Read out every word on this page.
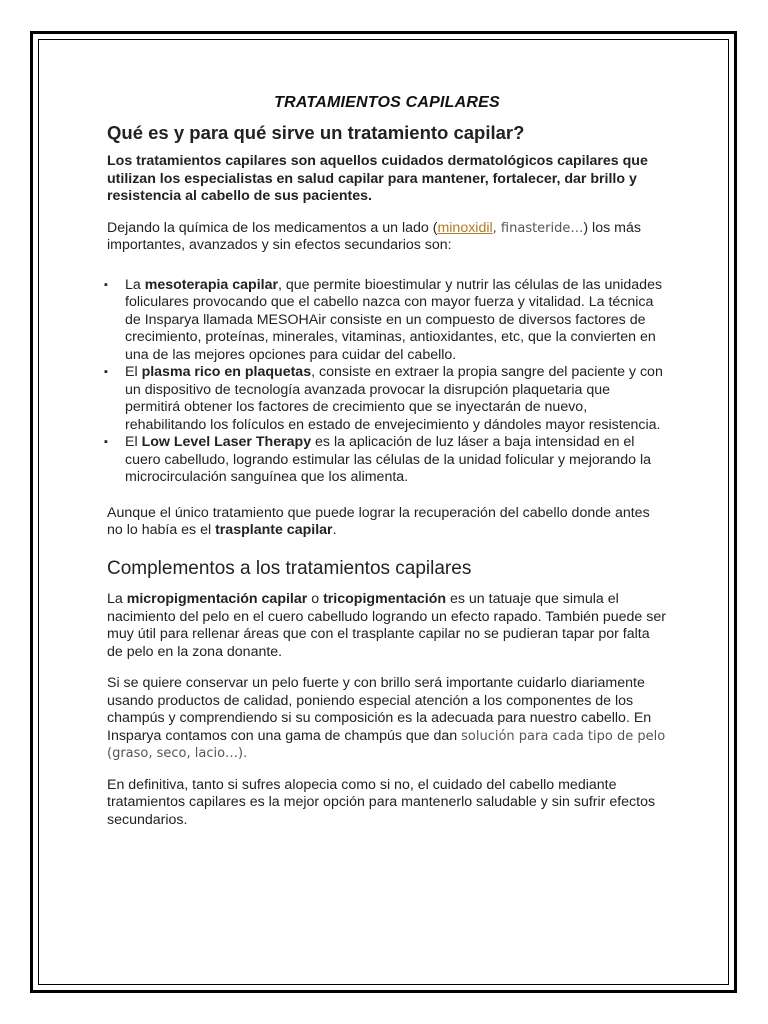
TRATAMIENTOS CAPILARES
Qué es y para qué sirve un tratamiento capilar?

Los tratamientos capilares son aquellos cuidados dermatológicos capilares que utilizan los especialistas en salud capilar para mantener, fortalecer, dar brillo y resistencia al cabello de sus pacientes.

Dejando la química de los medicamentos a un lado (minoxidil, finasteride…) los más importantes, avanzados y sin efectos secundarios son:

▪ La mesoterapia capilar, que permite bioestimular y nutrir las células de las unidades foliculares provocando que el cabello nazca con mayor fuerza y vitalidad. La técnica de Insparya llamada MESOHAir consiste en un compuesto de diversos factores de crecimiento, proteínas, minerales, vitaminas, antioxidantes, etc, que la convierten en una de las mejores opciones para cuidar del cabello.
▪ El plasma rico en plaquetas, consiste en extraer la propia sangre del paciente y con un dispositivo de tecnología avanzada provocar la disrupción plaquetaria que permitirá obtener los factores de crecimiento que se inyectarán de nuevo, rehabilitando los folículos en estado de envejecimiento y dándoles mayor resistencia.
▪ El Low Level Laser Therapy es la aplicación de luz láser a baja intensidad en el cuero cabelludo, logrando estimular las células de la unidad folicular y mejorando la microcirculación sanguínea que los alimenta.

Aunque el único tratamiento que puede lograr la recuperación del cabello donde antes no lo había es el trasplante capilar.

Complementos a los tratamientos capilares

La micropigmentación capilar o tricopigmentación es un tatuaje que simula el nacimiento del pelo en el cuero cabelludo logrando un efecto rapado. También puede ser muy útil para rellenar áreas que con el trasplante capilar no se pudieran tapar por falta de pelo en la zona donante.

Si se quiere conservar un pelo fuerte y con brillo será importante cuidarlo diariamente usando productos de calidad, poniendo especial atención a los componentes de los champús y comprendiendo si su composición es la adecuada para nuestro cabello. En Insparya contamos con una gama de champús que dan solución para cada tipo de pelo (graso, seco, lacio…).

En definitiva, tanto si sufres alopecia como si no, el cuidado del cabello mediante tratamientos capilares es la mejor opción para mantenerlo saludable y sin sufrir efectos secundarios.
